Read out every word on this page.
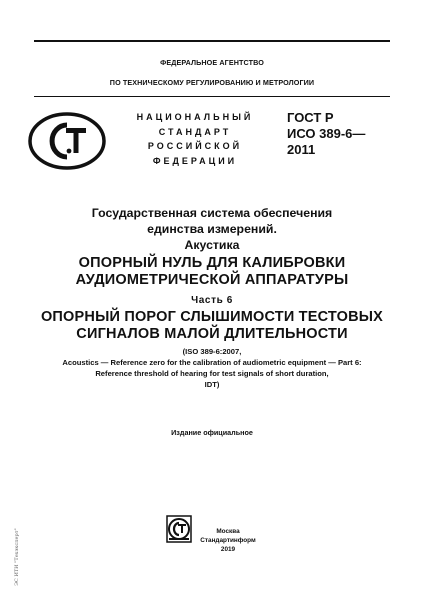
ФЕДЕРАЛЬНОЕ АГЕНТСТВО
ПО ТЕХНИЧЕСКОМУ РЕГУЛИРОВАНИЮ И МЕТРОЛОГИИ
НАЦИОНАЛЬНЫЙ
СТАНДАРТ
РОССИЙСКОЙ
ФЕДЕРАЦИИ
ГОСТ Р
ИСО 389-6—
2011
Государственная система обеспечения
единства измерений.
Акустика
ОПОРНЫЙ НУЛЬ ДЛЯ КАЛИБРОВКИ
АУДИОМЕТРИЧЕСКОЙ АППАРАТУРЫ
Часть 6
ОПОРНЫЙ ПОРОГ СЛЫШИМОСТИ ТЕСТОВЫХ
СИГНАЛОВ МАЛОЙ ДЛИТЕЛЬНОСТИ
(ISO 389-6:2007,
Acoustics — Reference zero for the calibration of audiometric equipment — Part 6:
Reference threshold of hearing for test signals of short duration,
IDT)
Издание официальное
Москва
Стандартинформ
2019
ЭС ИТИ "Техэксперт"
